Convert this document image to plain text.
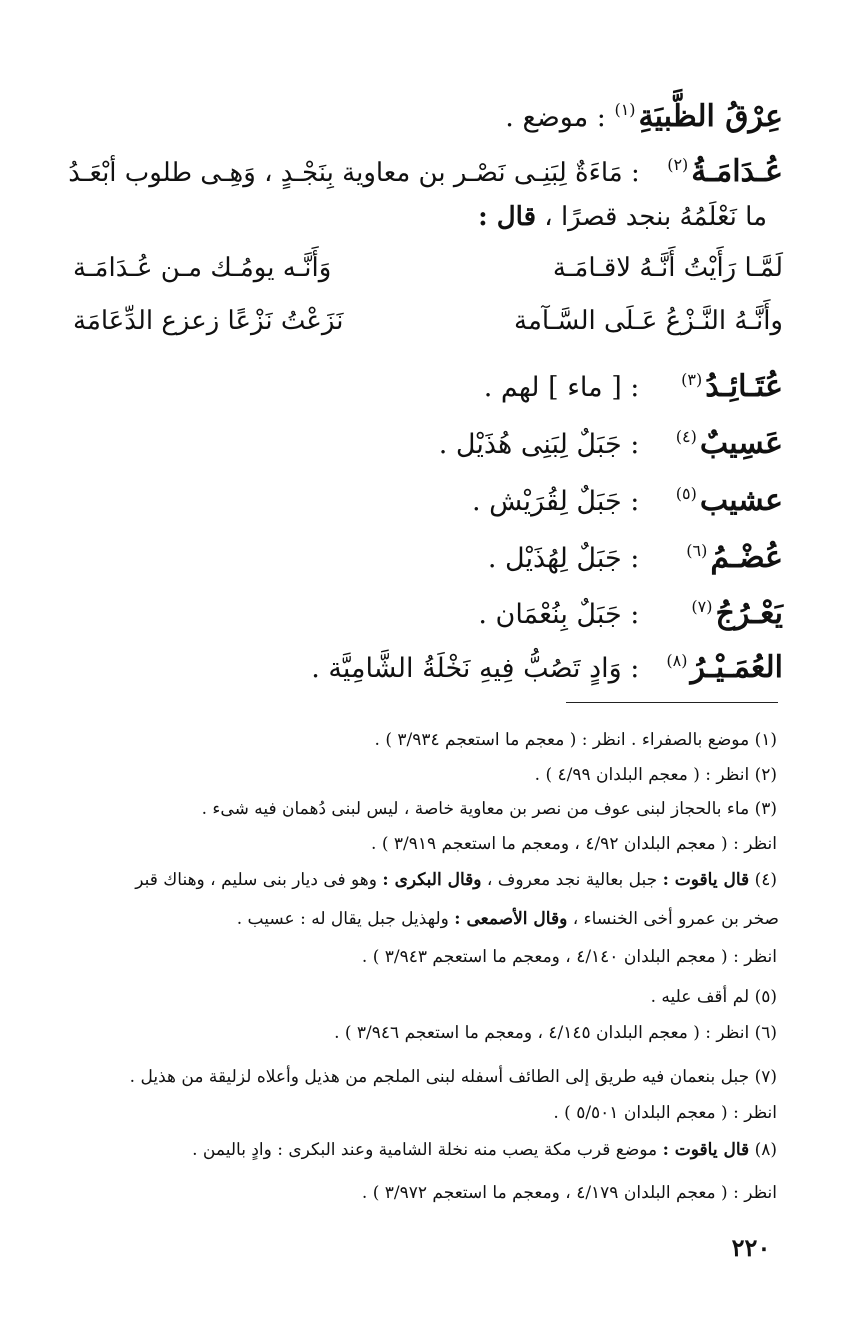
عِرْقُ الظَّبيَةِ$^{(١)}$ : موضع .
عُـدَامَـةُ$^{(٢)}$ : مَاءَةٌ لِبَنِـى نَصْـر بن معاوية بِنَجْـدٍ ، وَهِـى طلوب أبْعَـدُ
ما نَعْلَمُهُ بنجد قصرًا ، قال :
لَمَّـا رَأَيْتُ أَنَّـهُ لاقـامَـة
وَأَنَّـه يومُـك مـن عُـدَامَـة
وأَنَّـهُ النَّـزْعُ عَـلَى السَّـآمة
نَزَعْتُ نَزْعًا زعزع الدِّعَامَة
عُتَـائِـدُ$^{(٣)}$ : [ ماء ] لهم .
عَسِيبٌ$^{(٤)}$ : جَبَلٌ لِبَنِى هُذَيْل .
عشيب$^{(٥)}$ : جَبَلٌ لِقُرَيْش .
عُضْـمُ$^{(٦)}$ : جَبَلٌ لِهُذَيْل .
يَعْـرُجُ$^{(٧)}$ : جَبَلٌ بِنُعْمَان .
العُمَـيْـرُ$^{(٨)}$ : وَادٍ تَصُبُّ فِيهِ نَخْلَةُ الشَّامِيَّة .
(١) موضع بالصفراء . انظر : ( معجم ما استعجم ٣/٩٣٤ ) .
(٢) انظر : ( معجم البلدان ٤/٩٩ ) .
(٣) ماء بالحجاز لبنى عوف من نصر بن معاوية خاصة ، ليس لبنى دُهمان فيه شىء .
انظر : ( معجم البلدان ٤/٩٢ ، ومعجم ما استعجم ٣/٩١٩ ) .
(٤) قال ياقوت : جبل بعالية نجد معروف ، وقال البكرى : وهو فى ديار بنى سليم ، وهناك قبر
صخر بن عمرو أخى الخنساء ، وقال الأصمعى : ولهذيل جبل يقال له : عسيب .
انظر : ( معجم البلدان ٤/١٤٠ ، ومعجم ما استعجم ٣/٩٤٣ ) .
(٥) لم أقف عليه .
(٦) انظر : ( معجم البلدان ٤/١٤٥ ، ومعجم ما استعجم ٣/٩٤٦ ) .
(٧) جبل بنعمان فيه طريق إلى الطائف أسفله لبنى الملجم من هذيل وأعلاه لزليقة من هذيل .
انظر : ( معجم البلدان ٥/٥٠١ ) .
(٨) قال ياقوت : موضع قرب مكة يصب منه نخلة الشامية وعند البكرى : وادٍ باليمن .
انظر : ( معجم البلدان ٤/١٧٩ ، ومعجم ما استعجم ٣/٩٧٢ ) .
٢٢٠
